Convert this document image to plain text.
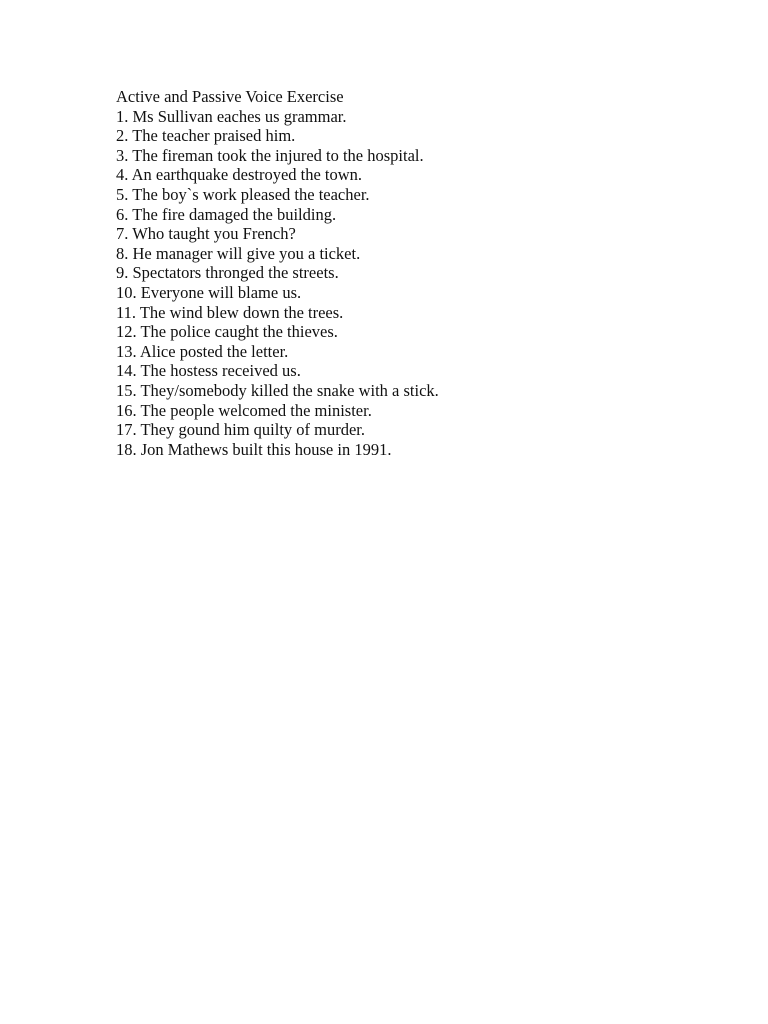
Active and Passive Voice Exercise
1. Ms Sullivan eaches us grammar.
2. The teacher praised him.
3. The fireman took the injured to the hospital.
4. An earthquake destroyed the town.
5. The boy`s work pleased the teacher.
6. The fire damaged the building.
7. Who taught you French?
8. He manager will give you a ticket.
9. Spectators thronged the streets.
10. Everyone will blame us.
11. The wind blew down the trees.
12. The police caught the thieves.
13. Alice posted the letter.
14. The hostess received us.
15. They/somebody killed the snake with a stick.
16. The people welcomed the minister.
17. They gound him quilty of murder.
18. Jon Mathews built this house in 1991.
